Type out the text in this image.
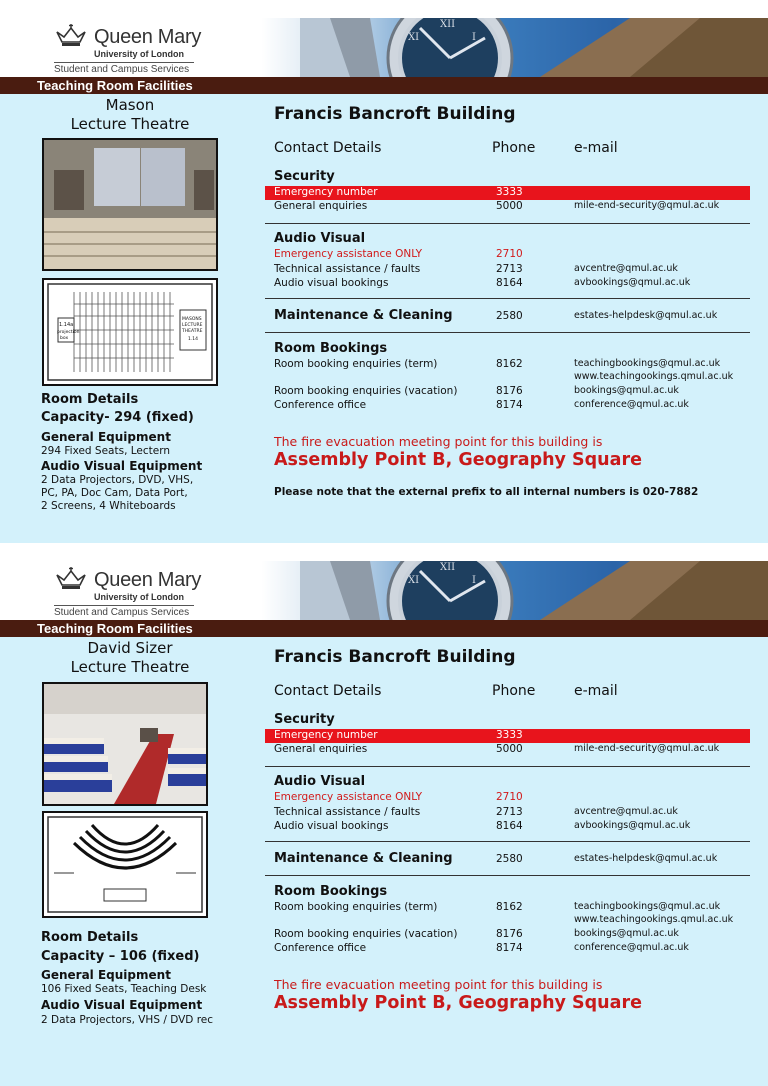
Queen Mary
University of London
Student and Campus Services
XI
XII
I
Teaching Room Facilities
Mason
Lecture Theatre
1.14a
projection
box
MASONS
LECTURE
THEATRE
1.14
Room Details
Capacity- 294 (fixed)
General Equipment
294 Fixed Seats, Lectern
Audio Visual Equipment
2 Data Projectors, DVD, VHS,
PC, PA, Doc Cam, Data Port,
2 Screens, 4 Whiteboards
Francis Bancroft Building
Contact Details	Phone	e-mail
Security
Emergency number	3333
General enquiries	5000	mile-end-security@qmul.ac.uk
Audio Visual
Emergency assistance ONLY	2710
Technical assistance / faults	2713	avcentre@qmul.ac.uk
Audio visual bookings	8164	avbookings@qmul.ac.uk
Maintenance & Cleaning	2580	estates-helpdesk@qmul.ac.uk
Room Bookings
Room booking enquiries (term)	8162	teachingbookings@qmul.ac.uk
www.teachingookings.qmul.ac.uk
Room booking enquiries (vacation)	8176	bookings@qmul.ac.uk
Conference office	8174	conference@qmul.ac.uk
The fire evacuation meeting point for this building is
Assembly Point B, Geography Square
Please note that the external prefix to all internal numbers is 020-7882
Queen Mary
University of London
Student and Campus Services
XI
XII
I
Teaching Room Facilities
David Sizer
Lecture Theatre
Room Details
Capacity – 106 (fixed)
General Equipment
106 Fixed Seats, Teaching Desk
Audio Visual Equipment
2 Data Projectors, VHS / DVD rec
Francis Bancroft Building
Contact Details	Phone	e-mail
Security
Emergency number	3333
General enquiries	5000	mile-end-security@qmul.ac.uk
Audio Visual
Emergency assistance ONLY	2710
Technical assistance / faults	2713	avcentre@qmul.ac.uk
Audio visual bookings	8164	avbookings@qmul.ac.uk
Maintenance & Cleaning	2580	estates-helpdesk@qmul.ac.uk
Room Bookings
Room booking enquiries (term)	8162	teachingbookings@qmul.ac.uk
www.teachingookings.qmul.ac.uk
Room booking enquiries (vacation)	8176	bookings@qmul.ac.uk
Conference office	8174	conference@qmul.ac.uk
The fire evacuation meeting point for this building is
Assembly Point B, Geography Square
